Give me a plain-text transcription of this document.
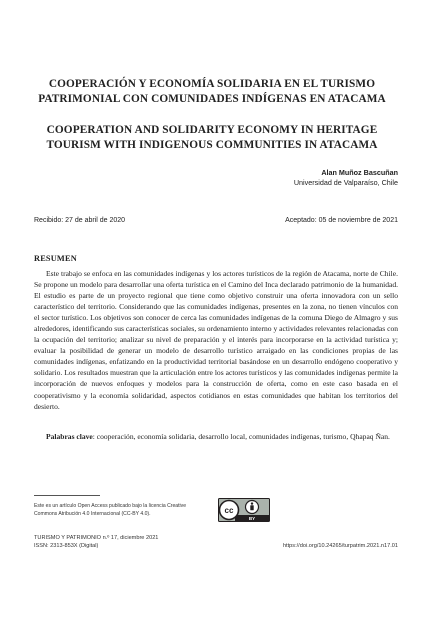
COOPERACIÓN Y ECONOMÍA SOLIDARIA EN EL TURISMO
PATRIMONIAL CON COMUNIDADES INDÍGENAS EN ATACAMA
COOPERATION AND SOLIDARITY ECONOMY IN HERITAGE
TOURISM WITH INDIGENOUS COMMUNITIES IN ATACAMA
Alan Muñoz Bascuñan
Universidad de Valparaíso, Chile
Recibido: 27 de abril de 2020	Aceptado: 05 de noviembre de 2021
RESUMEN

Este trabajo se enfoca en las comunidades indígenas y los actores turísticos de la región de Atacama, norte de Chile. Se propone un modelo para desarrollar una oferta turística en el Camino del Inca declarado patrimonio de la humanidad. El estudio es parte de un proyecto regional que tiene como objetivo construir una oferta innovadora con un sello característico del territorio. Considerando que las comunidades indígenas, presentes en la zona, no tienen vínculos con el sector turístico. Los objetivos son conocer de cerca las comunidades indígenas de la comuna Diego de Almagro y sus alrededores, identificando sus características sociales, su ordenamiento interno y actividades relevantes relacionadas con la ocupación del territorio; analizar su nivel de preparación y el interés para incorporarse en la actividad turística y; evaluar la posibilidad de generar un modelo de desarrollo turístico arraigado en las condiciones propias de las comunidades indígenas, enfatizando en la productividad territorial basándose en un desarrollo endógeno cooperativo y solidario. Los resultados muestran que la articulación entre los actores turísticos y las comunidades indígenas permite la incorporación de nuevos enfoques y modelos para la construcción de oferta, como en este caso basada en el cooperativismo y la economía solidaridad, aspectos cotidianos en estas comunidades que habitan los territorios del desierto.

Palabras clave: cooperación, economía solidaria, desarrollo local, comunidades indígenas, turismo, Qhapaq Ñan.

Este es un artículo Open Access publicado bajo la licencia Creative
Commons Atribución 4.0 Internacional (CC-BY 4.0).	cc
BY
TURISMO Y PATRIMONIO n.º 17, diciembre 2021
ISSN: 2313-853X (Digital)	https://doi.org/10.24265/turpatrim.2021.n17.01
